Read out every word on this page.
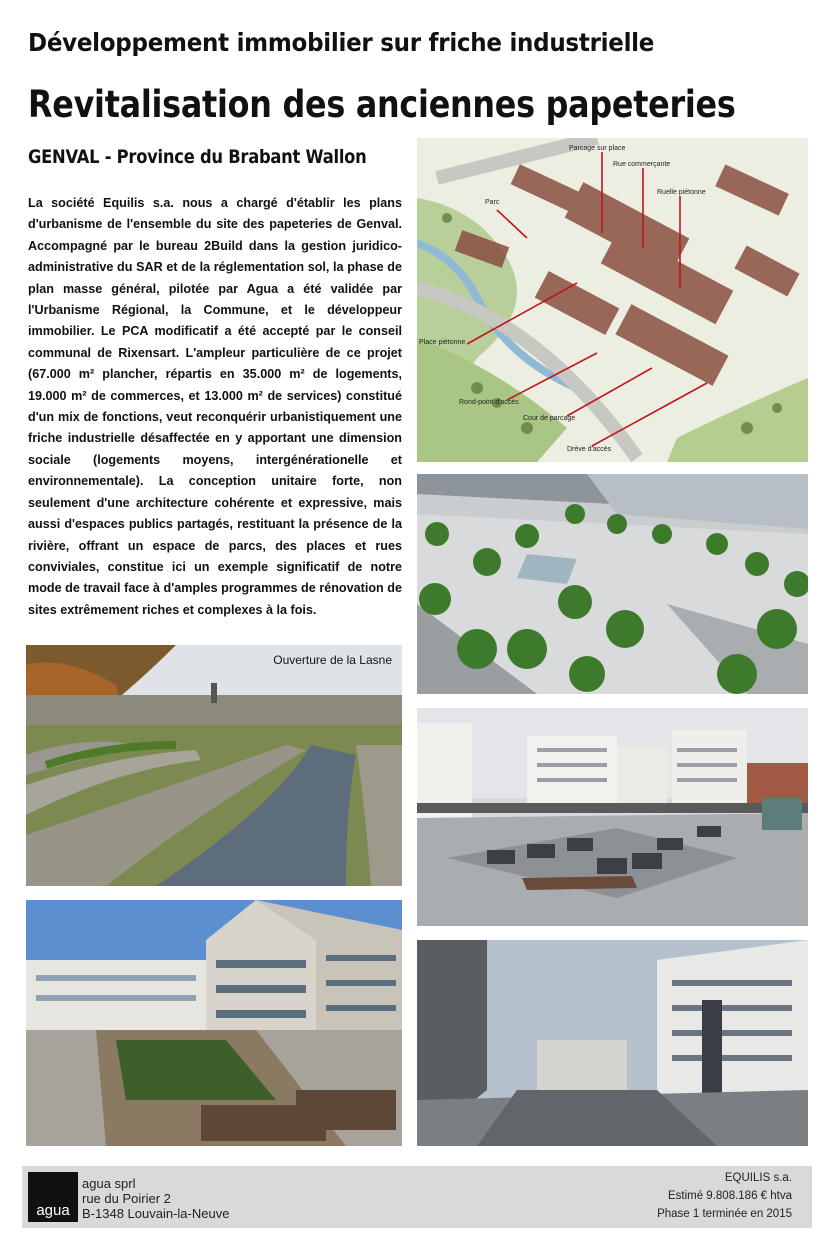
Développement immobilier sur friche industrielle
Revitalisation des anciennes papeteries
GENVAL - Province du Brabant Wallon

La société Equilis s.a. nous a chargé d'établir les plans d'urbanisme de l'ensemble du site des papeteries de Genval. Accompagné par le bureau 2Build dans la gestion juridico-administrative du SAR et de la réglementation sol, la phase de plan masse général, pilotée par Agua a été validée par l'Urbanisme Régional, la Commune, et le développeur immobilier. Le PCA modificatif a été accepté par le conseil communal de Rixensart. L'ampleur particulière de ce projet (67.000 m² plancher, répartis en 35.000 m² de logements, 19.000 m² de commerces, et 13.000 m² de services) constitué d'un mix de fonctions, veut reconquérir urbanistiquement une friche industrielle désaffectée en y apportant une dimension sociale (logements moyens, intergénérationelle et environnementale). La conception unitaire forte, non seulement d'une architecture cohérente et expressive, mais aussi d'espaces publics partagés, restituant la présence de la rivière, offrant un espace de parcs, des places et rues conviviales, constitue ici un exemple significatif de notre mode de travail face à d'amples programmes de rénovation de sites extrêmement riches et complexes à la fois.

Parcage sur place
Rue commerçante
Ruelle piétonne
Parc
Place piétonne
Rond-point d'accès
Cour de parcage
Drève d'accès
Ouverture de la Lasne
agua
agua sprl
rue du Poirier 2
B-1348 Louvain-la-Neuve
EQUILIS s.a.
Estimé 9.808.186 € htva
Phase 1 terminée en 2015
